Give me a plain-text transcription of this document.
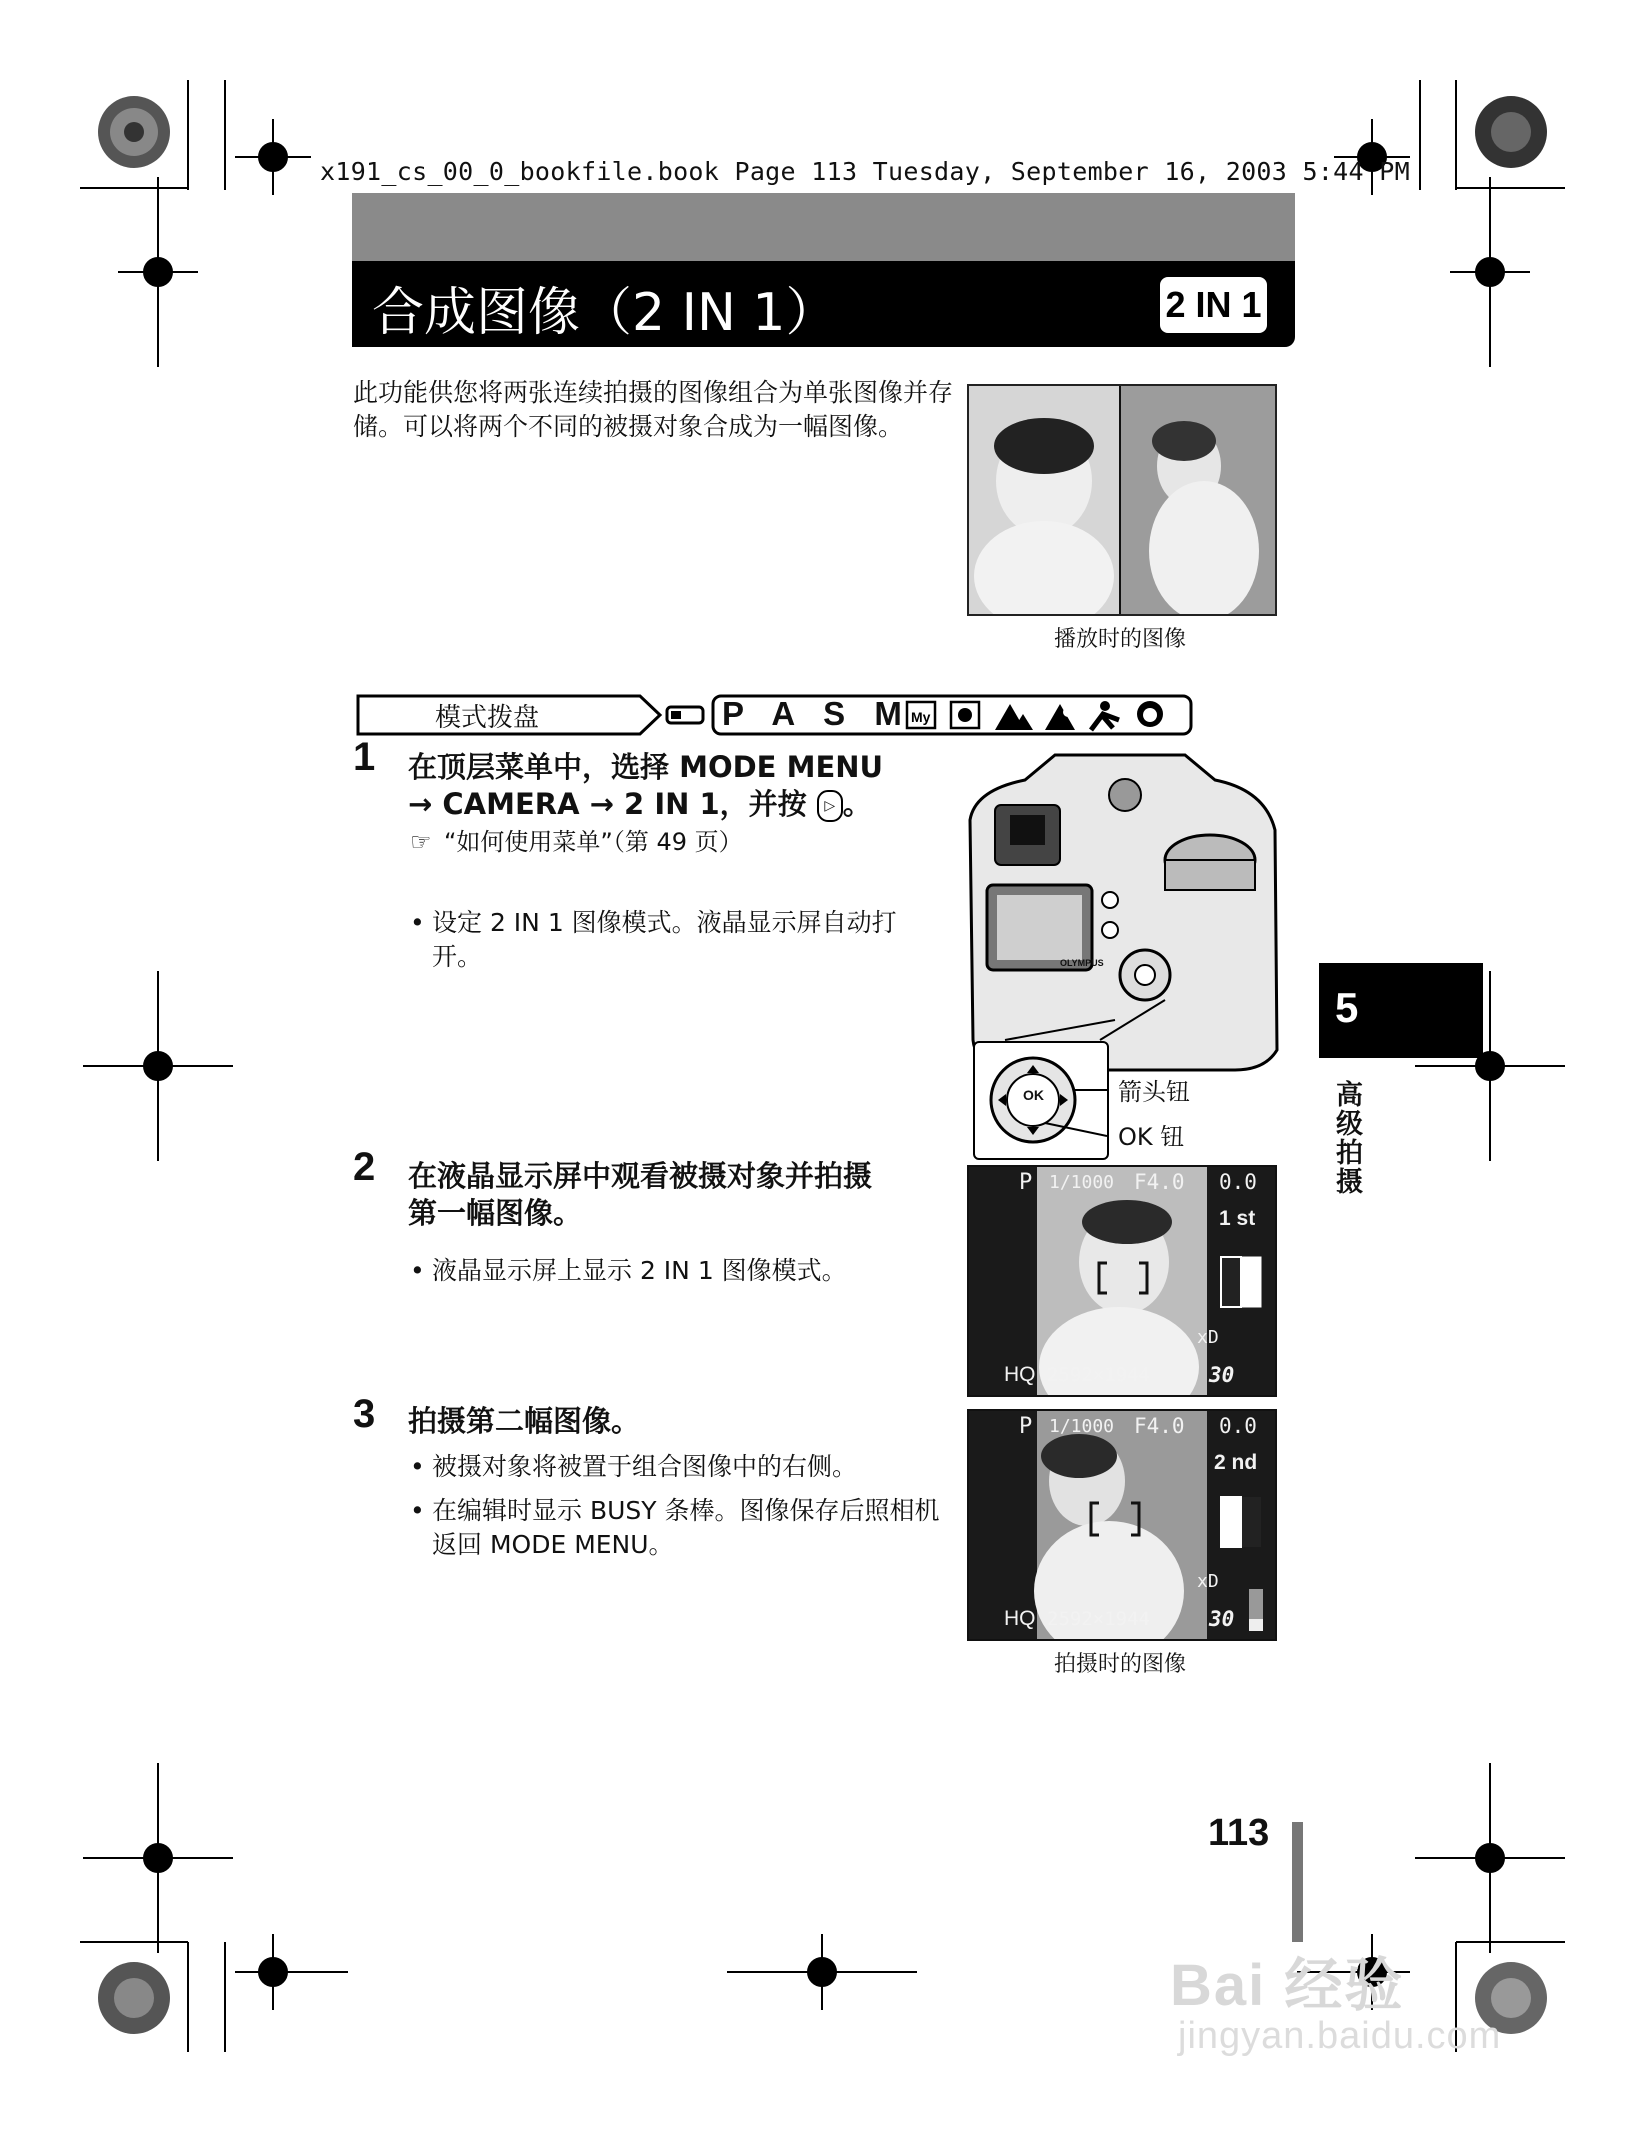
x191_cs_00_0_bookfile.book Page 113 Tuesday, September 16, 2003 5:44 PM
合成图像（2 IN 1）	2 IN 1
此功能供您将两张连续拍摄的图像组合为单张图像并存储。可以将两个不同的被摄对象合成为一幅图像。
播放时的图像
模式拨盘	P A S M My
1 在顶层菜单中，选择 MODE MENU
→ CAMERA → 2 IN 1，并按 ▷ 。
☞ “如何使用菜单”（第 49 页）
• 设定 2 IN 1 图像模式。液晶显示屏自动打开。	OLYMPUS
OK	箭头钮
OK 钮
5
高级拍摄
2 在液晶显示屏中观看被摄对象并拍摄
第一幅图像。
• 液晶显示屏上显示 2 IN 1 图像模式。
P 1/1000 F4.0 0.0
1 st
xD
HQ 2592×1944	30
3 拍摄第二幅图像。
• 被摄对象将被置于组合图像中的右侧。
• 在编辑时显示 BUSY 条棒。图像保存后照相机返回 MODE MENU。
P 1/1000 F4.0 0.0
2 nd
xD
HQ 2592×1944	30
拍摄时的图像
113
Bai 经验
jingyan.baidu.com
